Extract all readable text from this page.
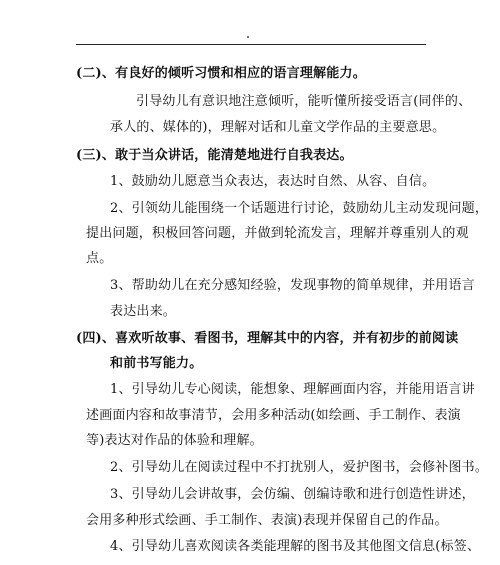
(二)、有良好的倾听习惯和相应的语言理解能力。
引导幼儿有意识地注意倾听，能听懂所接受语言(同伴的、
承人的、媒体的)，理解对话和儿童文学作品的主要意思。
(三)、敢于当众讲话，能清楚地进行自我表达。
1、鼓励幼儿愿意当众表达，表达时自然、从容、自信。
2、引领幼儿能围绕一个话题进行讨论，鼓励幼儿主动发现问题，
提出问题，积极回答问题，并做到轮流发言，理解并尊重别人的观
点。
3、帮助幼儿在充分感知经验，发现事物的简单规律，并用语言
表达出来。
(四)、喜欢听故事、看图书，理解其中的内容，并有初步的前阅读
和前书写能力。
1、引导幼儿专心阅读，能想象、理解画面内容，并能用语言讲
述画面内容和故事清节，会用多种活动(如绘画、手工制作、表演
等)表达对作品的体验和理解。
2、引导幼儿在阅读过程中不打扰别人，爱护图书，会修补图书。
3、引导幼儿会讲故事，会仿编、创编诗歌和进行创造性讲述，
会用多种形式绘画、手工制作、表演)表现并保留自己的作品。
4、引导幼儿喜欢阅读各类能理解的图书及其他图文信息(标签、
